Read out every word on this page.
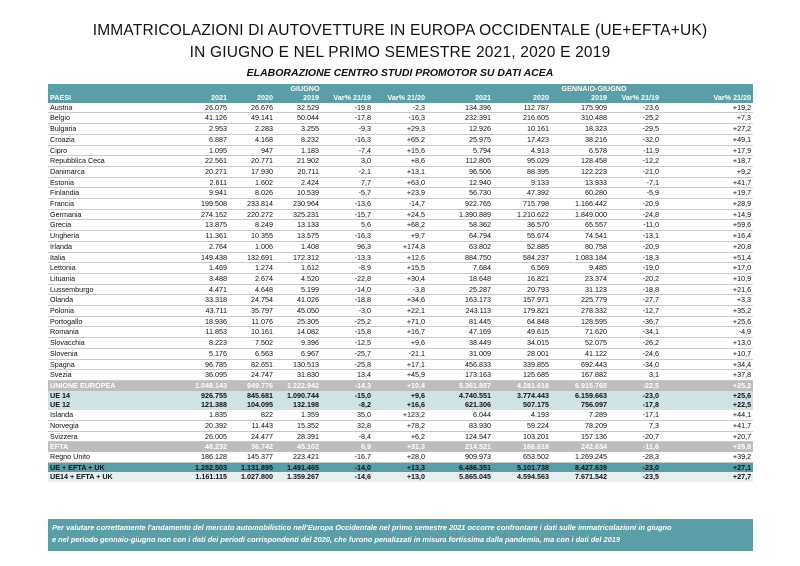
IMMATRICOLAZIONI DI AUTOVETTURE IN EUROPA OCCIDENTALE (UE+EFTA+UK)
IN GIUGNO E NEL PRIMO SEMESTRE 2021, 2020 E 2019
ELABORAZIONE CENTRO STUDI PROMOTOR SU DATI ACEA
	GIUGNO						GENNAIO-GIUGNO				
PAESI	2021	2020	2019	Var% 21/19	Var% 21/20		2021	2020	2019	Var% 21/19	Var% 21/20
Austria	26.075	26.676	32.529	-19,8	-2,3		134.396	112.787	175.909	-23,6	+19,2
Belgio	41.126	49.141	50.044	-17,8	-16,3		232.391	216.605	310.488	-25,2	+7,3
Bulgaria	2.953	2.283	3.255	-9,3	+29,3		12.926	10.161	18.323	-29,5	+27,2
Croazia	6.887	4.168	8.232	-16,3	+65,2		25.975	17.423	38.216	-32,0	+49,1
Cipro	1.095	947	1.183	-7,4	+15,6		5.794	4.913	6.578	-11,9	+17,9
Repubblica Ceca	22.561	20.771	21.902	3,0	+8,6		112.805	95.029	128.458	-12,2	+18,7
Danimarca	20.271	17.930	20.711	-2,1	+13,1		96.506	88.395	122.223	-21,0	+9,2
Estonia	2.611	1.602	2.424	7,7	+63,0		12.940	9.133	13.933	-7,1	+41,7
Finlandia	9.941	8.026	10.539	-5,7	+23,9		56.730	47.392	60.280	-5,9	+19,7
Francia	199.508	233.814	230.964	-13,6	-14,7		922.765	715.798	1.166.442	-20,9	+28,9
Germania	274.152	220.272	325.231	-15,7	+24,5		1.390.889	1.210.622	1.849.000	-24,8	+14,9
Grecia	13.875	8.249	13.133	5,6	+68,2		58.362	36.570	65.557	-11,0	+59,6
Ungheria	11.361	10.355	13.575	-16,3	+9,7		64.794	55.674	74.541	-13,1	+16,4
Irlanda	2.764	1.006	1.408	96,3	+174,8		63.802	52.885	80.758	-20,9	+20,8
Italia	149.438	132.691	172.312	-13,3	+12,6		884.750	584.237	1.083.184	-18,3	+51,4
Lettonia	1.469	1.274	1.612	-8,9	+15,5		7.684	6.569	9.485	-19,0	+17,0
Lituania	3.488	2.674	4.520	-22,8	+30,4		18.648	16.821	23.374	-20,2	+10,9
Lussemburgo	4.471	4.648	5.199	-14,0	-3,8		25.287	20.793	31.123	-18,8	+21,6
Olanda	33.318	24.754	41.026	-18,8	+34,6		163.173	157.971	225.779	-27,7	+3,3
Polonia	43.711	35.797	45.050	-3,0	+22,1		243.113	179.821	278.332	-12,7	+35,2
Portogallo	18.936	11.076	25.305	-25,2	+71,0		81.445	64.848	128.595	-36,7	+25,6
Romania	11.853	10.161	14.082	-15,8	+16,7		47.169	49.615	71.620	-34,1	-4,9
Slovacchia	8.223	7.502	9.396	-12,5	+9,6		38.449	34.015	52.075	-26,2	+13,0
Slovenia	5.176	6.563	6.967	-25,7	-21,1		31.009	28.001	41.122	-24,6	+10,7
Spagna	96.785	82.651	130.513	-25,8	+17,1		456.833	339.855	692.443	-34,0	+34,4
Svezia	36.095	24.747	31.830	13,4	+45,9		173.163	125.685	167.882	3,1	+37,8
UNIONE EUROPEA	1.048.143	949.776	1.222.942	-14,3	+10,4		5.361.857	4.281.618	6.915.760	-22,5	+25,2
UE 14	926.755	845.681	1.090.744	-15,0	+9,6		4.740.551	3.774.443	6.159.663	-23,0	+25,6
UE 12	121.388	104.095	132.198	-8,2	+16,6		621.306	507.175	756.097	-17,8	+22,5
Islanda	1.835	822	1.359	35,0	+123,2		6.044	4.193	7.289	-17,1	+44,1
Norvegia	20.392	11.443	15.352	32,8	+78,2		83.930	59.224	78.209	7,3	+41,7
Svizzera	26.005	24.477	28.391	-8,4	+6,2		124.547	103.201	157.136	-20,7	+20,7
EFTA	48.232	36.742	45.102	6,9	+31,3		214.521	166.618	242.634	-11,6	+28,8
Regno Unito	186.128	145.377	223.421	-16,7	+28,0		909.973	653.502	1.269.245	-28,3	+39,2
UE + EFTA + UK	1.282.503	1.131.895	1.491.465	-14,0	+13,3		6.486.351	5.101.738	8.427.639	-23,0	+27,1
UE14 + EFTA + UK	1.161.115	1.027.800	1.359.267	-14,6	+13,0		5.865.045	4.594.563	7.671.542	-23,5	+27,7
Per valutare correttamente l'andamento del mercato automobilistico nell'Europa Occidentale nel primo semestre 2021 occorre confrontare i dati sulle immatricolazioni in giugno
e nel periodo gennaio-giugno non con i dati dei periodi corrispondenti del 2020, che furono penalizzati in misura fortissima dalla pandemia, ma con i dati del 2019
